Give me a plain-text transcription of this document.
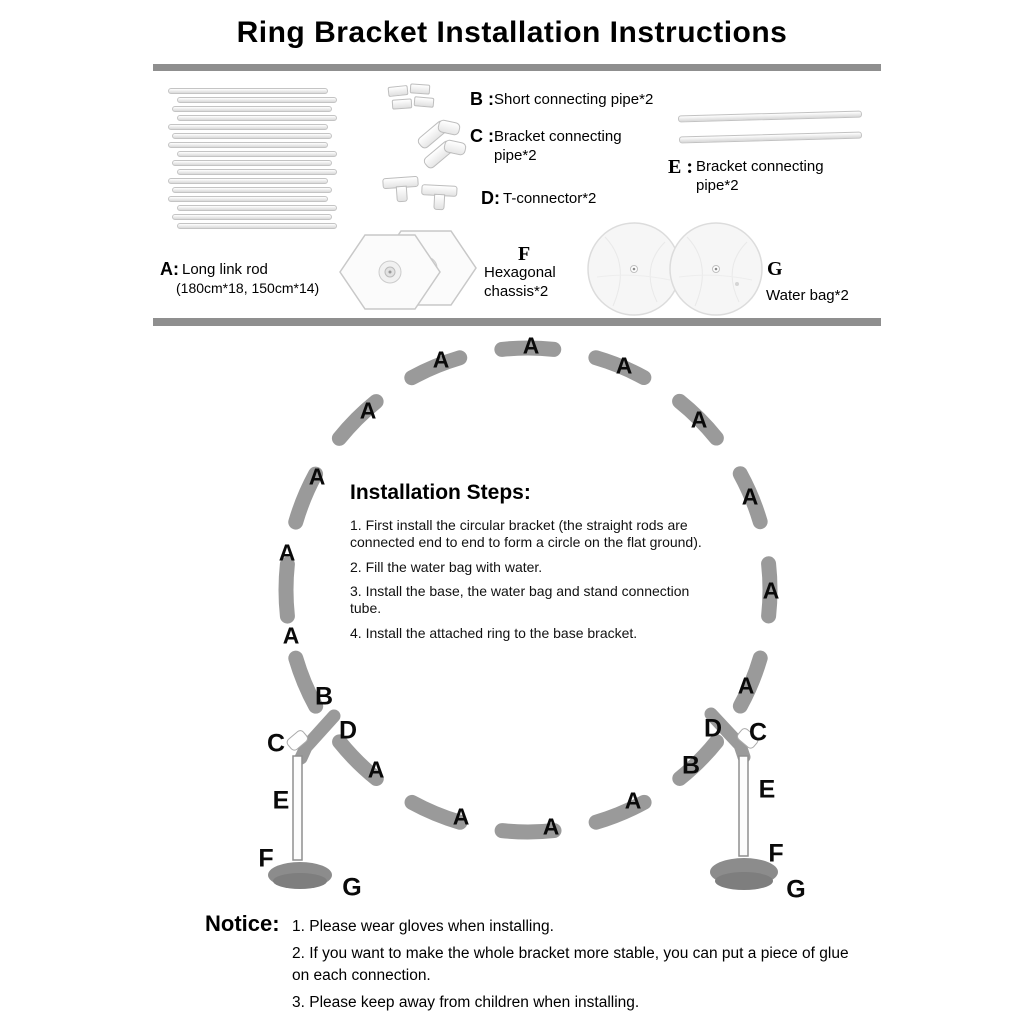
Ring Bracket Installation Instructions
A: Long link rod
(180cm*18, 150cm*14)
B : Short connecting pipe*2
C : Bracket connecting pipe*2
D: T-connector*2
E : Bracket connecting pipe*2
F
Hexagonal chassis*2
G
Water bag*2
A
A
A
A
A
A
A
A
A
A
A
A
A
A
A
B
D
C
E
F
G
D C
B
E
F
G
Installation Steps:
1. First install the circular bracket (the straight rods are connected end to end to form a circle on the flat ground).
2. Fill the water bag with water.
3. Install the base, the water bag and stand connection tube.
4. Install the attached ring to the base bracket.
Notice: 1. Please wear gloves when installing.
2. If you want to make the whole bracket more stable, you can put a piece of glue on each connection.
3. Please keep away from children when installing.
